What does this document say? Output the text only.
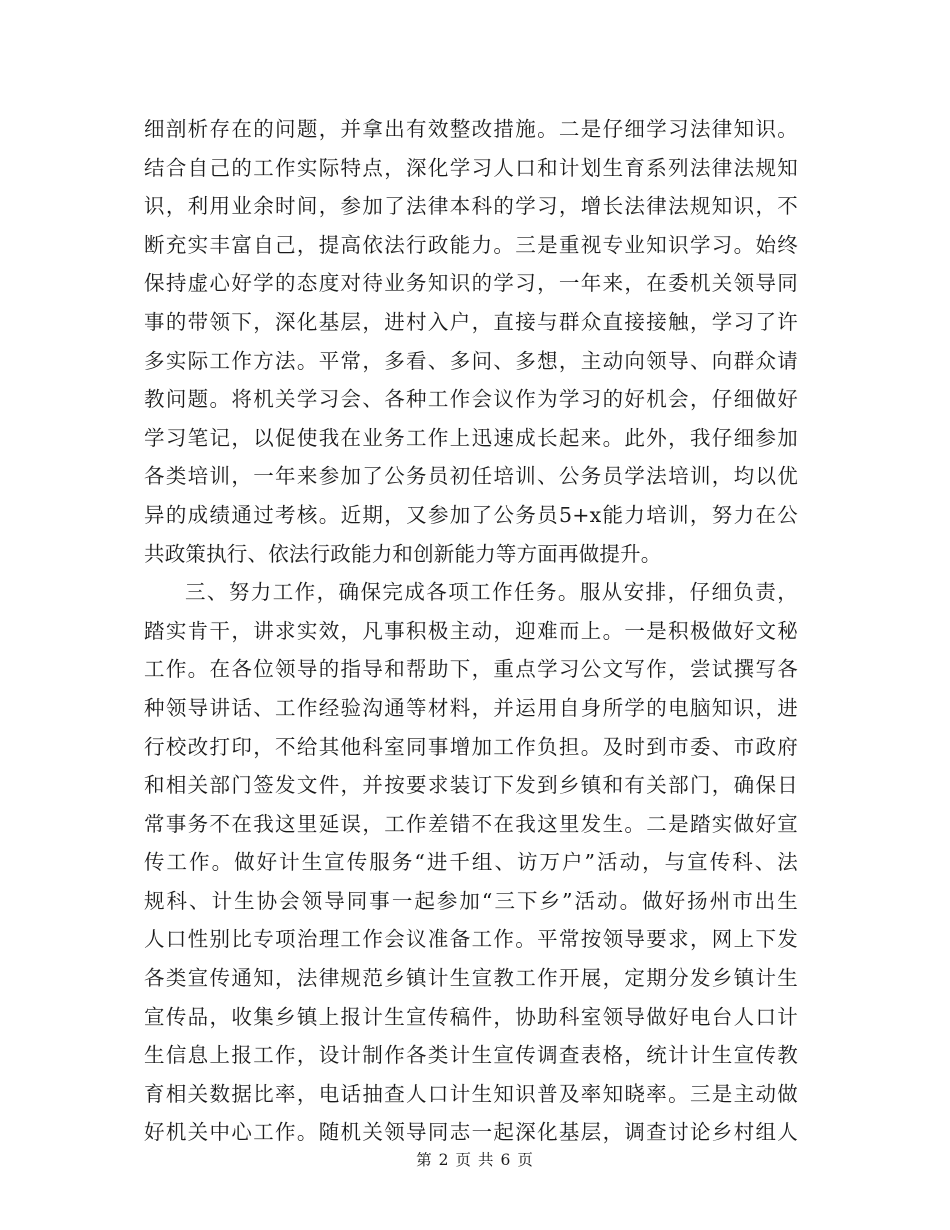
细剖析存在的问题，并拿出有效整改措施。二是仔细学习法律知识。
结合自己的工作实际特点，深化学习人口和计划生育系列法律法规知
识，利用业余时间，参加了法律本科的学习，增长法律法规知识，不
断充实丰富自己，提高依法行政能力。三是重视专业知识学习。始终
保持虚心好学的态度对待业务知识的学习，一年来，在委机关领导同
事的带领下，深化基层，进村入户，直接与群众直接接触，学习了许
多实际工作方法。平常，多看、多问、多想，主动向领导、向群众请
教问题。将机关学习会、各种工作会议作为学习的好机会，仔细做好
学习笔记，以促使我在业务工作上迅速成长起来。此外，我仔细参加
各类培训，一年来参加了公务员初任培训、公务员学法培训，均以优
异的成绩通过考核。近期，又参加了公务员5+x能力培训，努力在公
共政策执行、依法行政能力和创新能力等方面再做提升。
三、努力工作，确保完成各项工作任务。服从安排，仔细负责，
踏实肯干，讲求实效，凡事积极主动，迎难而上。一是积极做好文秘
工作。在各位领导的指导和帮助下，重点学习公文写作，尝试撰写各
种领导讲话、工作经验沟通等材料，并运用自身所学的电脑知识，进
行校改打印，不给其他科室同事增加工作负担。及时到市委、市政府
和相关部门签发文件，并按要求装订下发到乡镇和有关部门，确保日
常事务不在我这里延误，工作差错不在我这里发生。二是踏实做好宣
传工作。做好计生宣传服务“进千组、访万户”活动，与宣传科、法
规科、计生协会领导同事一起参加“三下乡”活动。做好扬州市出生
人口性别比专项治理工作会议准备工作。平常按领导要求，网上下发
各类宣传通知，法律规范乡镇计生宣教工作开展，定期分发乡镇计生
宣传品，收集乡镇上报计生宣传稿件，协助科室领导做好电台人口计
生信息上报工作，设计制作各类计生宣传调查表格，统计计生宣传教
育相关数据比率，电话抽查人口计生知识普及率知晓率。三是主动做
好机关中心工作。随机关领导同志一起深化基层，调查讨论乡村组人
第 2 页 共 6 页
